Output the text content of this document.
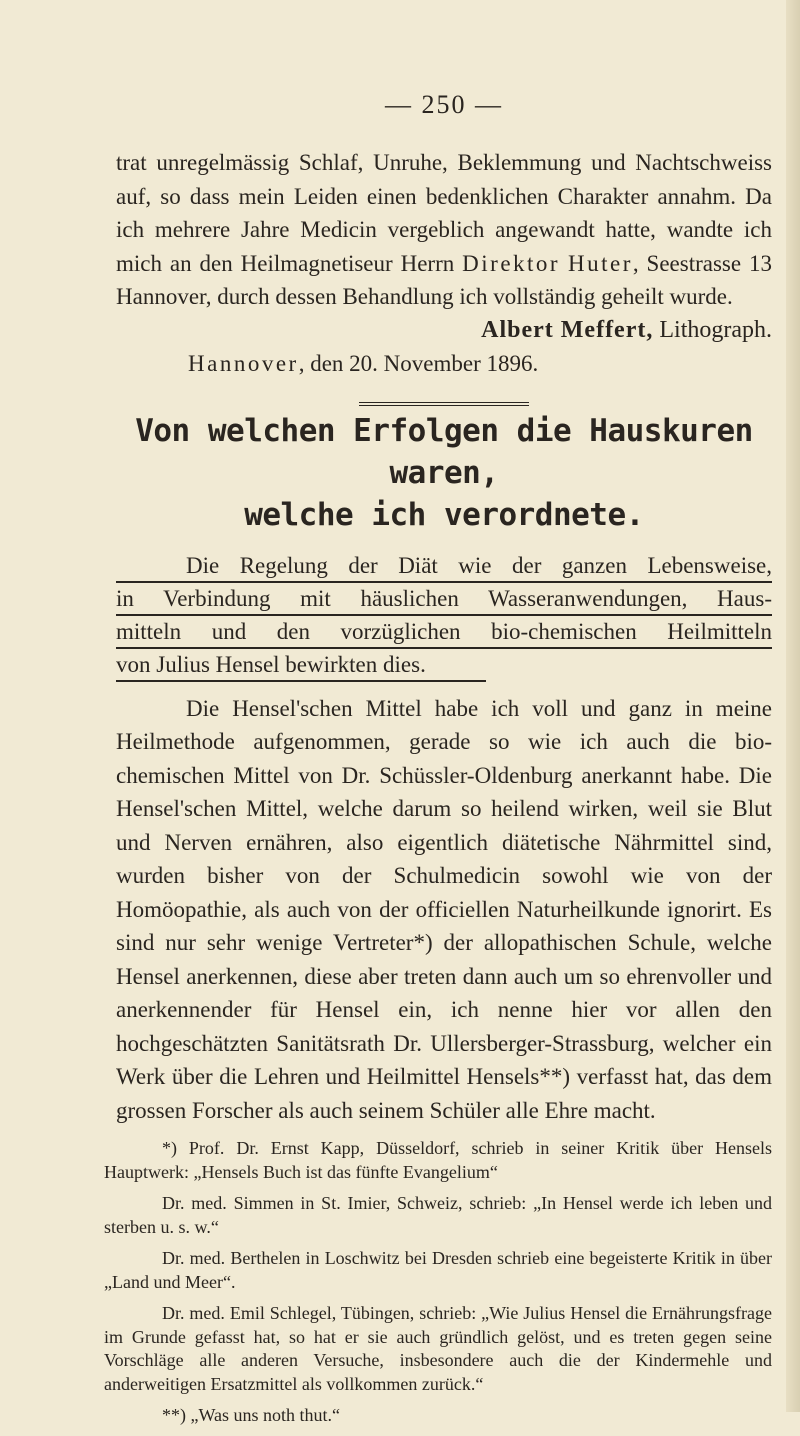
— 250 —

trat unregelmässig Schlaf, Unruhe, Beklemmung und Nachtschweiss auf, so dass mein Leiden einen bedenklichen Charakter annahm. Da ich mehrere Jahre Medicin vergeblich angewandt hatte, wandte ich mich an den Heilmagnetiseur Herrn Direktor Huter, Seestrasse 13 Hannover, durch dessen Behandlung ich vollständig geheilt wurde.

Albert Meffert, Lithograph.

Hannover, den 20. November 1896.

Von welchen Erfolgen die Hauskuren waren,
welche ich verordnete.
Die Regelung der Diät wie der ganzen Lebensweise,
in Verbindung mit häuslichen Wasseranwendungen, Haus-
mitteln und den vorzüglichen bio-chemischen Heilmitteln
von Julius Hensel bewirkten dies.

Die Hensel'schen Mittel habe ich voll und ganz in meine Heilmethode aufgenommen, gerade so wie ich auch die bio-chemischen Mittel von Dr. Schüssler-Oldenburg anerkannt habe. Die Hensel'schen Mittel, welche darum so heilend wirken, weil sie Blut und Nerven ernähren, also eigentlich diätetische Nährmittel sind, wurden bisher von der Schulmedicin sowohl wie von der Homöopathie, als auch von der officiellen Naturheilkunde ignorirt. Es sind nur sehr wenige Vertreter*) der allopathischen Schule, welche Hensel anerkennen, diese aber treten dann auch um so ehrenvoller und anerkennender für Hensel ein, ich nenne hier vor allen den hochgeschätzten Sanitätsrath Dr. Ullersberger-Strassburg, welcher ein Werk über die Lehren und Heilmittel Hensels**) verfasst hat, das dem grossen Forscher als auch seinem Schüler alle Ehre macht.

*) Prof. Dr. Ernst Kapp, Düsseldorf, schrieb in seiner Kritik über Hensels Hauptwerk: „Hensels Buch ist das fünfte Evangelium“

Dr. med. Simmen in St. Imier, Schweiz, schrieb: „In Hensel werde ich leben und sterben u. s. w.“

Dr. med. Berthelen in Loschwitz bei Dresden schrieb eine begeisterte Kritik in über „Land und Meer“.

Dr. med. Emil Schlegel, Tübingen, schrieb: „Wie Julius Hensel die Ernährungsfrage im Grunde gefasst hat, so hat er sie auch gründlich gelöst, und es treten gegen seine Vorschläge alle anderen Versuche, insbesondere auch die der Kindermehle und anderweitigen Ersatzmittel als vollkommen zurück.“

**) „Was uns noth thut.“
